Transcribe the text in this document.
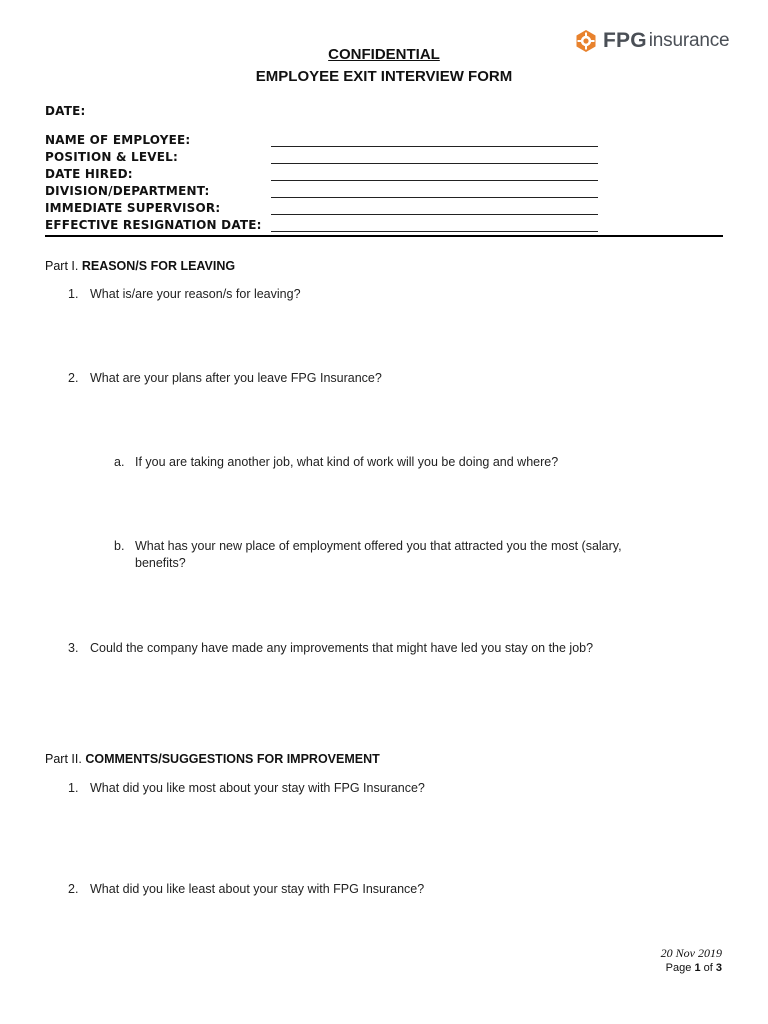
FPG insurance
CONFIDENTIAL
EMPLOYEE EXIT INTERVIEW FORM
DATE:
NAME OF EMPLOYEE:
POSITION & LEVEL:
DATE HIRED:
DIVISION/DEPARTMENT:
IMMEDIATE SUPERVISOR:
EFFECTIVE RESIGNATION DATE:
Part I. REASON/S FOR LEAVING
1. What is/are your reason/s for leaving?
2. What are your plans after you leave FPG Insurance?
a. If you are taking another job, what kind of work will you be doing and where?
b. What has your new place of employment offered you that attracted you the most (salary,
benefits?
3. Could the company have made any improvements that might have led you stay on the job?
Part II. COMMENTS/SUGGESTIONS FOR IMPROVEMENT
1. What did you like most about your stay with FPG Insurance?
2. What did you like least about your stay with FPG Insurance?
20 Nov 2019
Page 1 of 3
